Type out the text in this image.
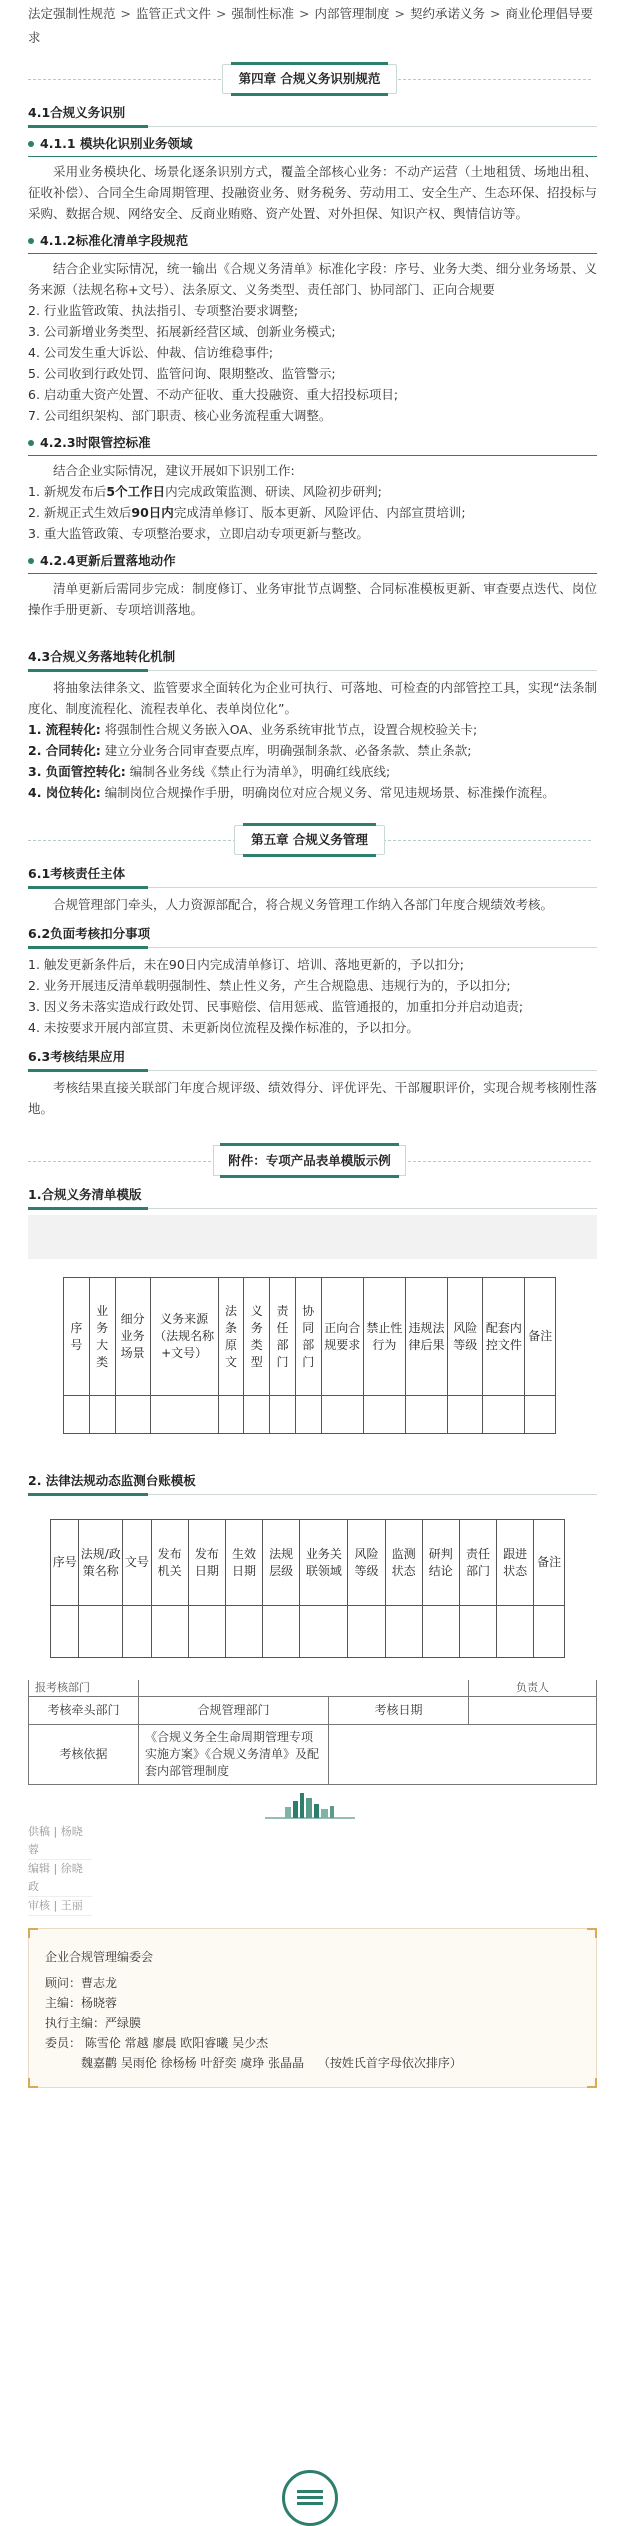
法定强制性规范 > 监管正式文件 > 强制性标准 > 内部管理制度 > 契约承诺义务 > 商业伦理倡导要求
第四章 合规义务识别规范
4.1合规义务识别
4.1.1 模块化识别业务领域

采用业务模块化、场景化逐条识别方式，覆盖全部核心业务：不动产运营（土地租赁、场地出租、征收补偿）、合同全生命周期管理、投融资业务、财务税务、劳动用工、安全生产、生态环保、招投标与采购、数据合规、网络安全、反商业贿赂、资产处置、对外担保、知识产权、舆情信访等。

4.1.2标准化清单字段规范

结合企业实际情况，统一输出《合规义务清单》标准化字段：序号、业务大类、细分业务场景、义务来源（法规名称+文号）、法条原文、义务类型、责任部门、协同部门、正向合规要

2. 行业监管政策、执法指引、专项整治要求调整;

3. 公司新增业务类型、拓展新经营区域、创新业务模式;

4. 公司发生重大诉讼、仲裁、信访维稳事件;

5. 公司收到行政处罚、监管问询、限期整改、监管警示;

6. 启动重大资产处置、不动产征收、重大投融资、重大招投标项目;

7. 公司组织架构、部门职责、核心业务流程重大调整。

4.2.3时限管控标准

结合企业实际情况，建议开展如下识别工作:

1. 新规发布后5个工作日内完成政策监测、研读、风险初步研判;

2. 新规正式生效后90日内完成清单修订、版本更新、风险评估、内部宣贯培训;

3. 重大监管政策、专项整治要求，立即启动专项更新与整改。

4.2.4更新后置落地动作

清单更新后需同步完成：制度修订、业务审批节点调整、合同标准模板更新、审查要点迭代、岗位操作手册更新、专项培训落地。

4.3合规义务落地转化机制

将抽象法律条文、监管要求全面转化为企业可执行、可落地、可检查的内部管控工具，实现“法条制度化、制度流程化、流程表单化、表单岗位化”。

1. 流程转化: 将强制性合规义务嵌入OA、业务系统审批节点，设置合规校验关卡;

2. 合同转化: 建立分业务合同审查要点库，明确强制条款、必备条款、禁止条款;

3. 负面管控转化: 编制各业务线《禁止行为清单》，明确红线底线;

4. 岗位转化: 编制岗位合规操作手册，明确岗位对应合规义务、常见违规场景、标准操作流程。

第五章 合规义务管理
6.1考核责任主体

合规管理部门牵头，人力资源部配合，将合规义务管理工作纳入各部门年度合规绩效考核。

6.2负面考核扣分事项

1. 触发更新条件后，未在90日内完成清单修订、培训、落地更新的，予以扣分;

2. 业务开展违反清单载明强制性、禁止性义务，产生合规隐患、违规行为的，予以扣分;

3. 因义务未落实造成行政处罚、民事赔偿、信用惩戒、监管通报的，加重扣分并启动追责;

4. 未按要求开展内部宣贯、未更新岗位流程及操作标准的，予以扣分。

6.3考核结果应用

考核结果直接关联部门年度合规评级、绩效得分、评优评先、干部履职评价，实现合规考核刚性落地。

附件：专项产品表单模版示例
1.合规义务清单模版
序号	业务大类	细分业务场景	义务来源（法规名称+文号）	法条原文	义务类型	责任部门	协同部门	正向合规要求	禁止性行为	违规法律后果	风险等级	配套内控文件	备注

2. 法律法规动态监测台账模板
序号	法规/政策名称	文号	发布机关	发布日期	生效日期	法规层级	业务关联领域	风险等级	监测状态	研判结论	责任部门	跟进状态	备注

报考核部门			负责人
考核牵头部门	合规管理部门	考核日期	
考核依据	《合规义务全生命周期管理专项实施方案》《合规义务清单》及配套内部管理制度		
供稿 | 杨晓蓉
编辑 | 徐晓政
审核 | 王丽
企业合规管理编委会
顾问：曹志龙
主编：杨晓蓉
执行主编：严绿膜
委员： 陈雪伦 常越 廖晨 欧阳睿曦 吴少杰
魏嘉鹳 吴雨伦 徐杨杨 叶舒奕 虞琤 张晶晶 （按姓氏首字母依次排序）
